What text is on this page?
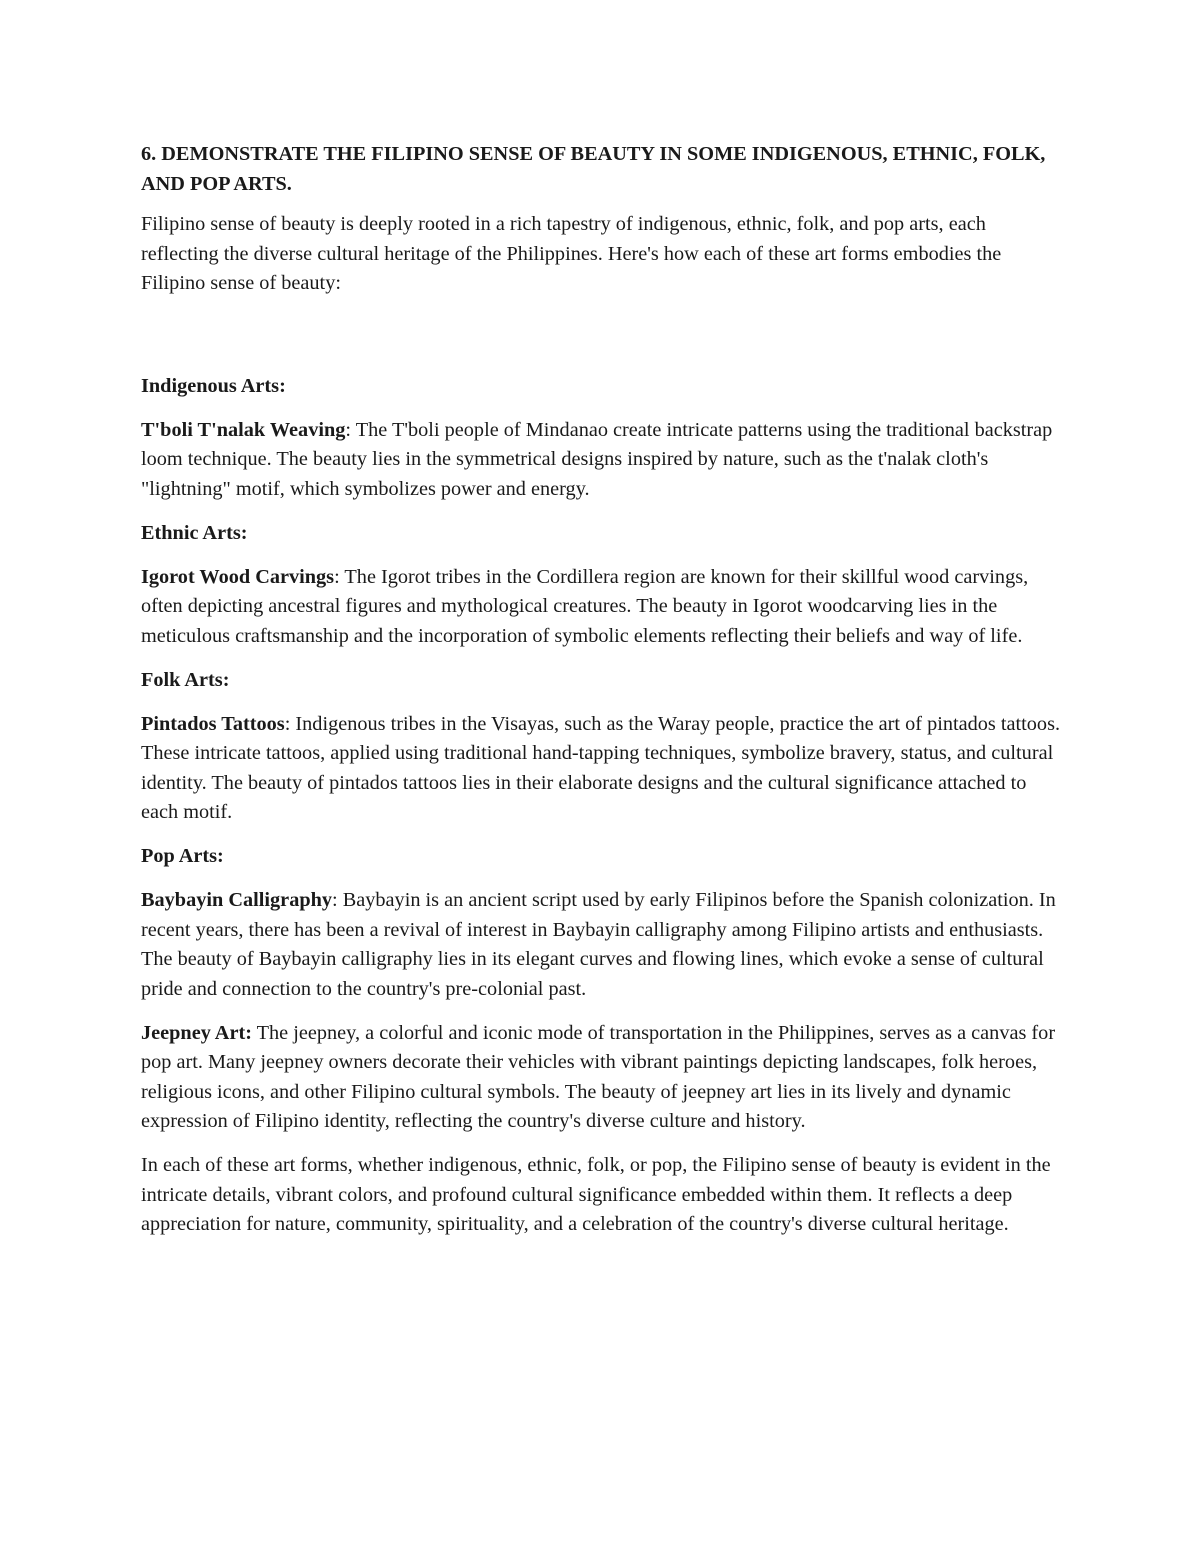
6. DEMONSTRATE THE FILIPINO SENSE OF BEAUTY IN SOME INDIGENOUS, ETHNIC, FOLK, AND POP ARTS.

Filipino sense of beauty is deeply rooted in a rich tapestry of indigenous, ethnic, folk, and pop arts, each reflecting the diverse cultural heritage of the Philippines. Here's how each of these art forms embodies the Filipino sense of beauty:

Indigenous Arts:

T'boli T'nalak Weaving: The T'boli people of Mindanao create intricate patterns using the traditional backstrap loom technique. The beauty lies in the symmetrical designs inspired by nature, such as the t'nalak cloth's "lightning" motif, which symbolizes power and energy.

Ethnic Arts:

Igorot Wood Carvings: The Igorot tribes in the Cordillera region are known for their skillful wood carvings, often depicting ancestral figures and mythological creatures. The beauty in Igorot woodcarving lies in the meticulous craftsmanship and the incorporation of symbolic elements reflecting their beliefs and way of life.

Folk Arts:

Pintados Tattoos: Indigenous tribes in the Visayas, such as the Waray people, practice the art of pintados tattoos. These intricate tattoos, applied using traditional hand-tapping techniques, symbolize bravery, status, and cultural identity. The beauty of pintados tattoos lies in their elaborate designs and the cultural significance attached to each motif.

Pop Arts:

Baybayin Calligraphy: Baybayin is an ancient script used by early Filipinos before the Spanish colonization. In recent years, there has been a revival of interest in Baybayin calligraphy among Filipino artists and enthusiasts. The beauty of Baybayin calligraphy lies in its elegant curves and flowing lines, which evoke a sense of cultural pride and connection to the country's pre-colonial past.

Jeepney Art: The jeepney, a colorful and iconic mode of transportation in the Philippines, serves as a canvas for pop art. Many jeepney owners decorate their vehicles with vibrant paintings depicting landscapes, folk heroes, religious icons, and other Filipino cultural symbols. The beauty of jeepney art lies in its lively and dynamic expression of Filipino identity, reflecting the country's diverse culture and history.

In each of these art forms, whether indigenous, ethnic, folk, or pop, the Filipino sense of beauty is evident in the intricate details, vibrant colors, and profound cultural significance embedded within them. It reflects a deep appreciation for nature, community, spirituality, and a celebration of the country's diverse cultural heritage.
